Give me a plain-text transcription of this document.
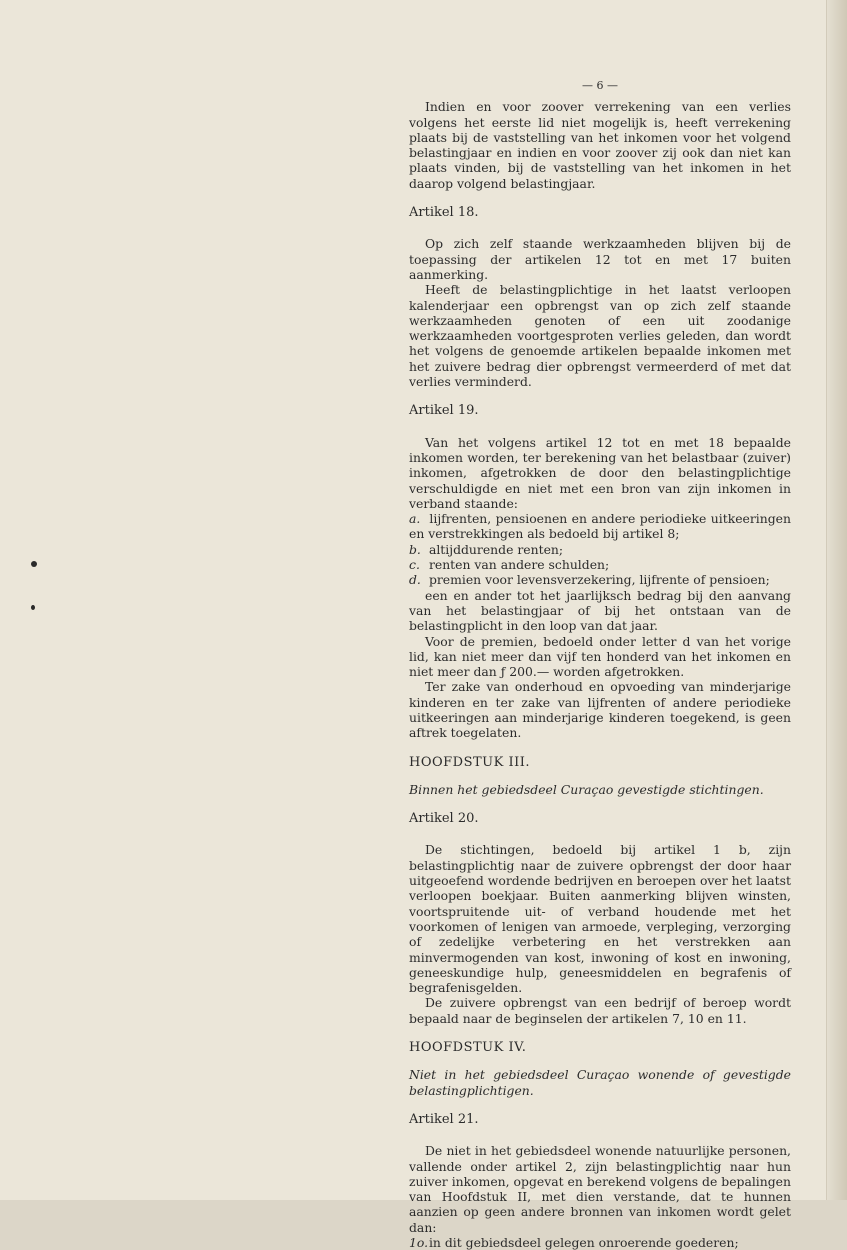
— 6 —

Indien en voor zoover verrekening van een verlies volgens het eerste lid niet mogelijk is, heeft verrekening plaats bij de vaststelling van het inkomen voor het volgend belastingjaar en indien en voor zoover zij ook dan niet kan plaats vinden, bij de vaststelling van het inkomen in het daarop volgend belastingjaar.

Artikel 18.

Op zich zelf staande werkzaamheden blijven bij de toepassing der artikelen 12 tot en met 17 buiten aanmerking.

Heeft de belastingplichtige in het laatst verloopen kalenderjaar een opbrengst van op zich zelf staande werkzaamheden genoten of een uit zoodanige werkzaamheden voortgesproten verlies geleden, dan wordt het volgens de genoemde artikelen bepaalde inkomen met het zuivere bedrag dier opbrengst vermeerderd of met dat verlies verminderd.

Artikel 19.

Van het volgens artikel 12 tot en met 18 bepaalde inkomen worden, ter berekening van het belastbaar (zuiver) inkomen, afgetrokken de door den belastingplichtige verschuldigde en niet met een bron van zijn inkomen in verband staande:

a. lijfrenten, pensioenen en andere periodieke uitkeeringen en verstrekkingen als bedoeld bij artikel 8;

b. altijddurende renten;

c. renten van andere schulden;

d. premien voor levensverzekering, lijfrente of pensioen;

een en ander tot het jaarlijksch bedrag bij den aanvang van het belastingjaar of bij het ontstaan van de belastingplicht in den loop van dat jaar.

Voor de premien, bedoeld onder letter d van het vorige lid, kan niet meer dan vijf ten honderd van het inkomen en niet meer dan ƒ 200.— worden afgetrokken.

Ter zake van onderhoud en opvoeding van minderjarige kinderen en ter zake van lijfrenten of andere periodieke uitkeeringen aan minderjarige kinderen toegekend, is geen aftrek toegelaten.

HOOFDSTUK III.

Binnen het gebiedsdeel Curaçao gevestigde stichtingen.

Artikel 20.

De stichtingen, bedoeld bij artikel 1 b, zijn belastingplichtig naar de zuivere opbrengst der door haar uitgeoefend wordende bedrijven en beroepen over het laatst verloopen boekjaar. Buiten aanmerking blijven winsten, voortspruitende uit- of verband houdende met het voorkomen of lenigen van armoede, verpleging, verzorging of zedelijke verbetering en het verstrekken aan minvermogenden van kost, inwoning of kost en inwoning, geneeskundige hulp, geneesmiddelen en begrafenis of begrafenisgelden.

De zuivere opbrengst van een bedrijf of beroep wordt bepaald naar de beginselen der artikelen 7, 10 en 11.

HOOFDSTUK IV.

Niet in het gebiedsdeel Curaçao wonende of gevestigde belastingplichtigen.

Artikel 21.

De niet in het gebiedsdeel wonende natuurlijke personen, vallende onder artikel 2, zijn belastingplichtig naar hun zuiver inkomen, opgevat en berekend volgens de bepalingen van Hoofdstuk II, met dien verstande, dat te hunnen aanzien op geen andere bronnen van inkomen wordt gelet dan:

1o. in dit gebiedsdeel gelegen onroerende goederen;
